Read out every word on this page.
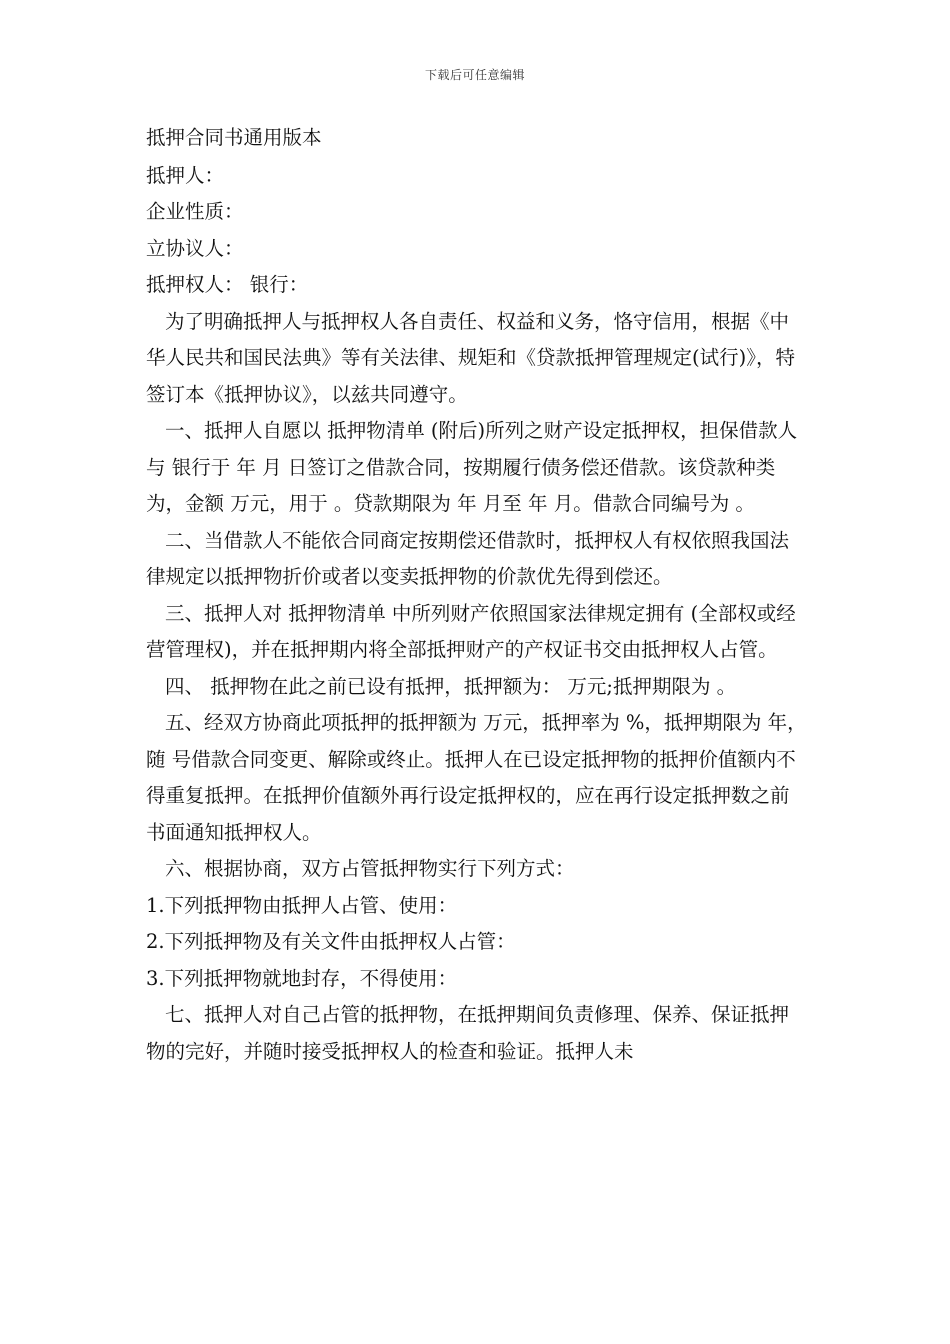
下载后可任意编辑

抵押合同书通用版本

抵押人：

企业性质：

立协议人：

抵押权人： 银行：

为了明确抵押人与抵押权人各自责任、权益和义务，恪守信用，根据《中华人民共和国民法典》等有关法律、规矩和《贷款抵押管理规定(试行)》，特签订本《抵押协议》，以兹共同遵守。

一、抵押人自愿以 抵押物清单 (附后)所列之财产设定抵押权，担保借款人 与 银行于 年 月 日签订之借款合同，按期履行债务偿还借款。该贷款种类为，金额 万元，用于 。贷款期限为 年 月至 年 月。借款合同编号为 。

二、当借款人不能依合同商定按期偿还借款时，抵押权人有权依照我国法律规定以抵押物折价或者以变卖抵押物的价款优先得到偿还。

三、抵押人对 抵押物清单 中所列财产依照国家法律规定拥有 (全部权或经营管理权)，并在抵押期内将全部抵押财产的产权证书交由抵押权人占管。

四、 抵押物在此之前已设有抵押，抵押额为： 万元;抵押期限为 。

五、经双方协商此项抵押的抵押额为 万元，抵押率为 %，抵押期限为 年，随 号借款合同变更、解除或终止。抵押人在已设定抵押物的抵押价值额内不得重复抵押。在抵押价值额外再行设定抵押权的，应在再行设定抵押数之前书面通知抵押权人。

六、根据协商，双方占管抵押物实行下列方式：

1.下列抵押物由抵押人占管、使用：

2.下列抵押物及有关文件由抵押权人占管：

3.下列抵押物就地封存，不得使用：

七、抵押人对自己占管的抵押物，在抵押期间负责修理、保养、保证抵押物的完好，并随时接受抵押权人的检查和验证。抵押人未
